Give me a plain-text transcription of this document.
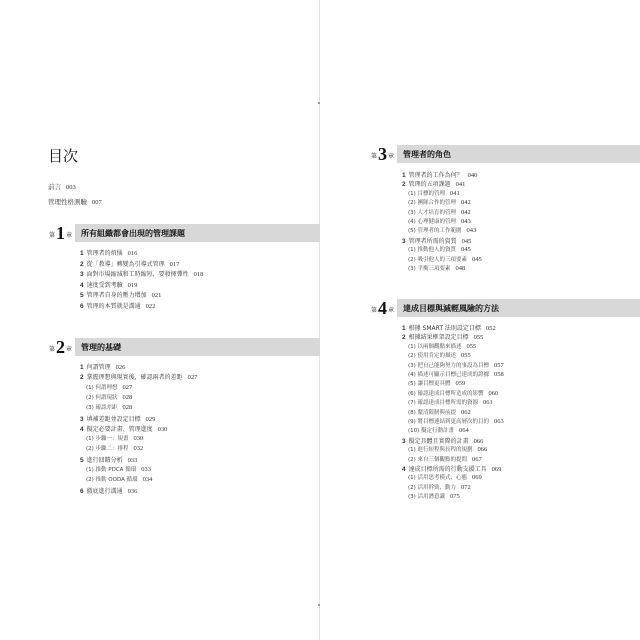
目次
前言 003
管理性格測驗 007
第 1 章	所有組織都會出現的管理課題
1 管理者的煩惱 016
2 從「教導」轉變為引導式管理 017
3 面對市場縮減和工時縮短，要發揮彈性 018
4 速度受到考驗 019
5 管理者自身的壓力增加 021
6 管理的本質就是溝通 022
第 2 章	管理的基礎
1 何謂管理 026
2 掌握理想與現實後，確認兩者的差距 027
(1) 何謂理想 027
(2) 何謂現狀 028
(3) 確認差距 028
3 填補差距並設定目標 029
4 擬定必要計畫、管理進度 030
(1) 步驟一：規畫 030
(2) 步驟二：排程 032
5 進行回饋分析 033
(1) 推動 PDCA 循環 033
(2) 推動 OODA 循環 034
6 徹底進行溝通 036
第 3 章	管理者的角色
1 管理者的工作為何？ 040
2 管理的五項課題 041
(1) 目標的管理 041
(2) 團隊合作的管理 042
(3) 人才培育的管理 042
(4) 心理健康的管理 043
(5) 管理者的工作範圍 043
3 管理者所需的資質 045
(1) 推動他人的資質 045
(2) 吸引他人的三項要素 045
(3) 平衡三項要素 048
第 4 章	達成目標與減輕風險的方法
1 根據 SMART 法則設定目標 052
2 根據結果框架設定目標 055
(1) 以兩個觀點來描述 055
(2) 使用肯定的描述 055
(3) 把自己能夠努力的事設為目標 057
(4) 描述可顯示目標已達成的證據 058
(5) 讓目標更具體 059
(6) 確認達成目標所造成的影響 060
(7) 確認達成目標所需的資源 061
(8) 釐清限制與前提 062
(9) 將目標連結到更高層次的目的 063
(10) 擬定行動計畫 064
3 擬定具體且實際的計畫 066
(1) 進行短程與長程的規劃 066
(2) 來自三個觀點的提問 067
4 達成目標所需的行動支援工具 069
(1) 活用思考模式、心態 069
(2) 活用幹勁、動力 072
(3) 活用潛意識 075
